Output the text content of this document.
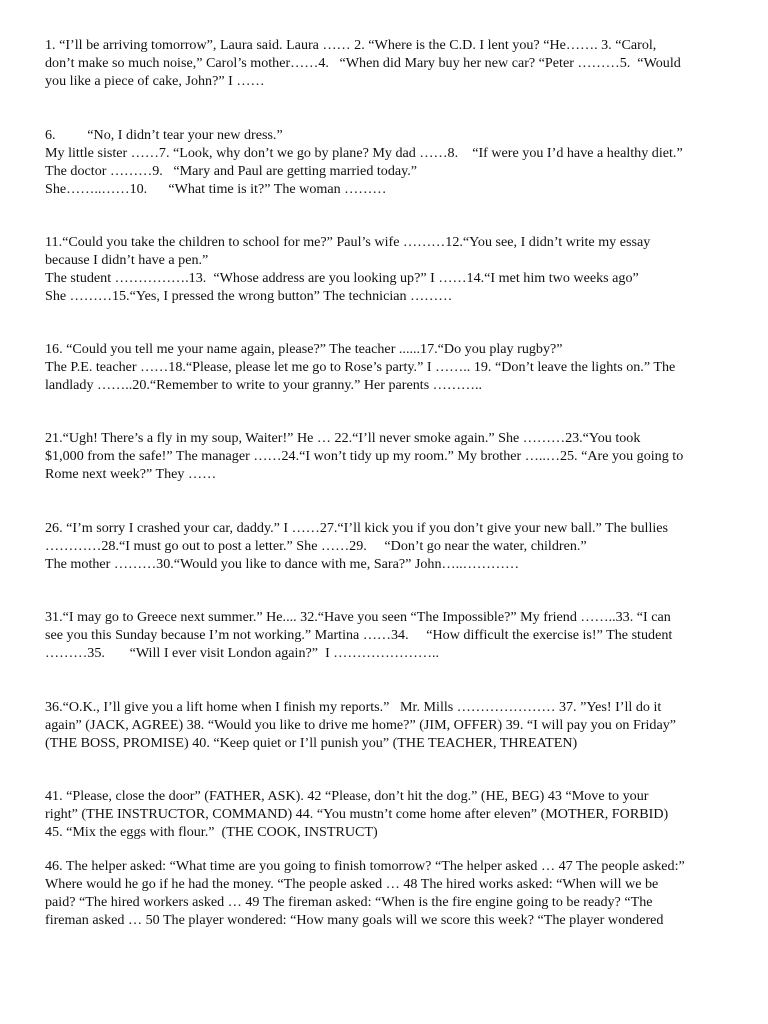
1. “I’ll be arriving tomorrow”, Laura said. Laura …… 2. “Where is the C.D. I lent you? “He……. 3. “Carol,
don’t make so much noise,” Carol’s mother……4.   “When did Mary buy her new car? “Peter ………5.  “Would
you like a piece of cake, John?” I ……
6.         “No, I didn’t tear your new dress.”
My little sister ……7. “Look, why don’t we go by plane? My dad ……8.    “If were you I’d have a healthy diet.”
The doctor ………9.   “Mary and Paul are getting married today.”
She……..……10.      “What time is it?” The woman ………
11.“Could you take the children to school for me?” Paul’s wife ………12.“You see, I didn’t write my essay
because I didn’t have a pen.”
The student …………….13.  “Whose address are you looking up?” I ……14.“I met him two weeks ago”
She ………15.“Yes, I pressed the wrong button” The technician ………
16. “Could you tell me your name again, please?” The teacher ......17.“Do you play rugby?”
The P.E. teacher ……18.“Please, please let me go to Rose’s party.” I …….. 19. “Don’t leave the lights on.” The
landlady ……..20.“Remember to write to your granny.” Her parents ………..
21.“Ugh! There’s a fly in my soup, Waiter!” He … 22.“I’ll never smoke again.” She ………23.“You took
$1,000 from the safe!” The manager ……24.“I won’t tidy up my room.” My brother …..…25. “Are you going to
Rome next week?” They ……
26. “I’m sorry I crashed your car, daddy.” I ……27.“I’ll kick you if you don’t give your new ball.” The bullies
…………28.“I must go out to post a letter.” She ……29.     “Don’t go near the water, children.”
The mother ………30.“Would you like to dance with me, Sara?” John…..…………
31.“I may go to Greece next summer.” He.... 32.“Have you seen “The Impossible?” My friend ……..33. “I can
see you this Sunday because I’m not working.” Martina ……34.     “How difficult the exercise is!” The student
………35.       “Will I ever visit London again?”  I …………………..
36.“O.K., I’ll give you a lift home when I finish my reports.”   Mr. Mills ………………… 37. ”Yes! I’ll do it
again” (JACK, AGREE) 38. “Would you like to drive me home?” (JIM, OFFER) 39. “I will pay you on Friday”
(THE BOSS, PROMISE) 40. “Keep quiet or I’ll punish you” (THE TEACHER, THREATEN)
41. “Please, close the door” (FATHER, ASK). 42 “Please, don’t hit the dog.” (HE, BEG) 43 “Move to your
right” (THE INSTRUCTOR, COMMAND) 44. “You mustn’t come home after eleven” (MOTHER, FORBID)
45. “Mix the eggs with flour.”  (THE COOK, INSTRUCT)
46. The helper asked: “What time are you going to finish tomorrow? “The helper asked … 47 The people asked:”
Where would he go if he had the money. “The people asked … 48 The hired works asked: “When will we be
paid? “The hired workers asked … 49 The fireman asked: “When is the fire engine going to be ready? “The
fireman asked … 50 The player wondered: “How many goals will we score this week? “The player wondered
